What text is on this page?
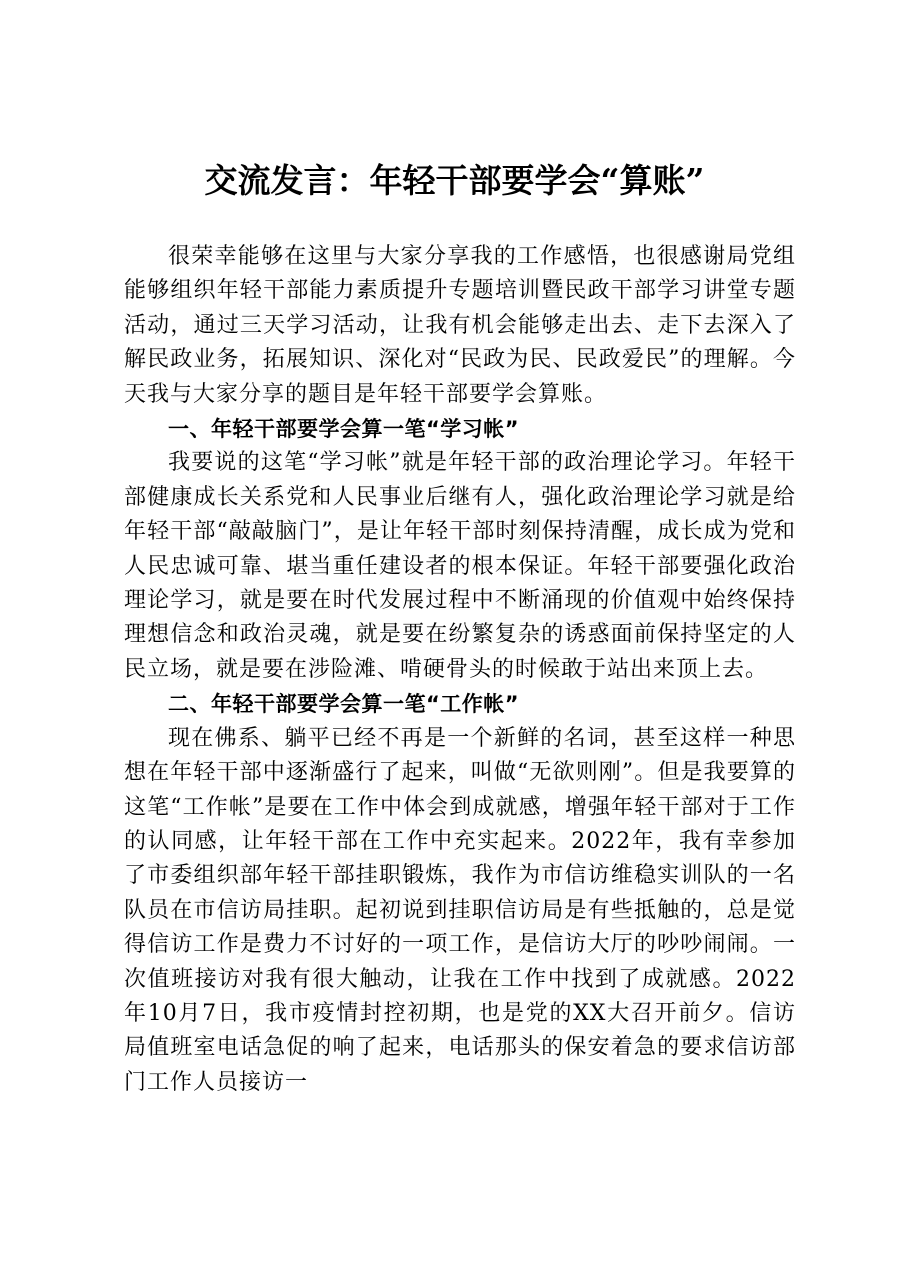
交流发言：年轻干部要学会“算账”

很荣幸能够在这里与大家分享我的工作感悟，也很感谢局党组能够组织年轻干部能力素质提升专题培训暨民政干部学习讲堂专题活动，通过三天学习活动，让我有机会能够走出去、走下去深入了解民政业务，拓展知识、深化对“民政为民、民政爱民”的理解。今天我与大家分享的题目是年轻干部要学会算账。

一、年轻干部要学会算一笔“学习帐”

我要说的这笔“学习帐”就是年轻干部的政治理论学习。年轻干部健康成长关系党和人民事业后继有人，强化政治理论学习就是给年轻干部“敲敲脑门”，是让年轻干部时刻保持清醒，成长成为党和人民忠诚可靠、堪当重任建设者的根本保证。年轻干部要强化政治理论学习，就是要在时代发展过程中不断涌现的价值观中始终保持理想信念和政治灵魂，就是要在纷繁复杂的诱惑面前保持坚定的人民立场，就是要在涉险滩、啃硬骨头的时候敢于站出来顶上去。

二、年轻干部要学会算一笔“工作帐”

现在佛系、躺平已经不再是一个新鲜的名词，甚至这样一种思想在年轻干部中逐渐盛行了起来，叫做“无欲则刚”。但是我要算的这笔“工作帐”是要在工作中体会到成就感，增强年轻干部对于工作的认同感，让年轻干部在工作中充实起来。2022年，我有幸参加了市委组织部年轻干部挂职锻炼，我作为市信访维稳实训队的一名队员在市信访局挂职。起初说到挂职信访局是有些抵触的，总是觉得信访工作是费力不讨好的一项工作，是信访大厅的吵吵闹闹。一次值班接访对我有很大触动，让我在工作中找到了成就感。2022年10月7日，我市疫情封控初期，也是党的XX大召开前夕。信访局值班室电话急促的响了起来，电话那头的保安着急的要求信访部门工作人员接访一
